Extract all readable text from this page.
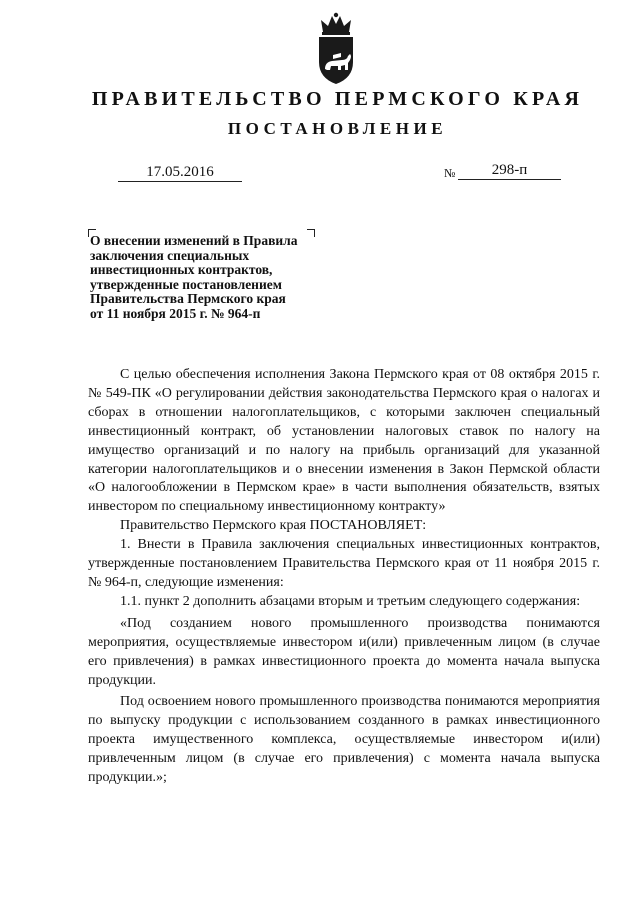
ПРАВИТЕЛЬСТВО ПЕРМСКОГО КРАЯ
ПОСТАНОВЛЕНИЕ
17.05.2016	№	298-п
О внесении изменений в Правила
заключения специальных
инвестиционных контрактов,
утвержденные постановлением
Правительства Пермского края
от 11 ноября 2015 г. № 964-п

С целью обеспечения исполнения Закона Пермского края от 08 октября 2015 г. № 549-ПК «О регулировании действия законодательства Пермского края о налогах и сборах в отношении налогоплательщиков, с которыми заключен специальный инвестиционный контракт, об установлении налоговых ставок по налогу на имущество организаций и по налогу на прибыль организаций для указанной категории налогоплательщиков и о внесении изменения в Закон Пермской области «О налогообложении в Пермском крае» в части выполнения обязательств, взятых инвестором по специальному инвестиционному контракту»

Правительство Пермского края ПОСТАНОВЛЯЕТ:

1. Внести в Правила заключения специальных инвестиционных контрактов, утвержденные постановлением Правительства Пермского края от 11 ноября 2015 г. № 964-п, следующие изменения:

1.1. пункт 2 дополнить абзацами вторым и третьим следующего содержания:

«Под созданием нового промышленного производства понимаются мероприятия, осуществляемые инвестором и(или) привлеченным лицом (в случае его привлечения) в рамках инвестиционного проекта до момента начала выпуска продукции.

Под освоением нового промышленного производства понимаются мероприятия по выпуску продукции с использованием созданного в рамках инвестиционного проекта имущественного комплекса, осуществляемые инвестором и(или) привлеченным лицом (в случае его привлечения) с момента начала выпуска продукции.»;
